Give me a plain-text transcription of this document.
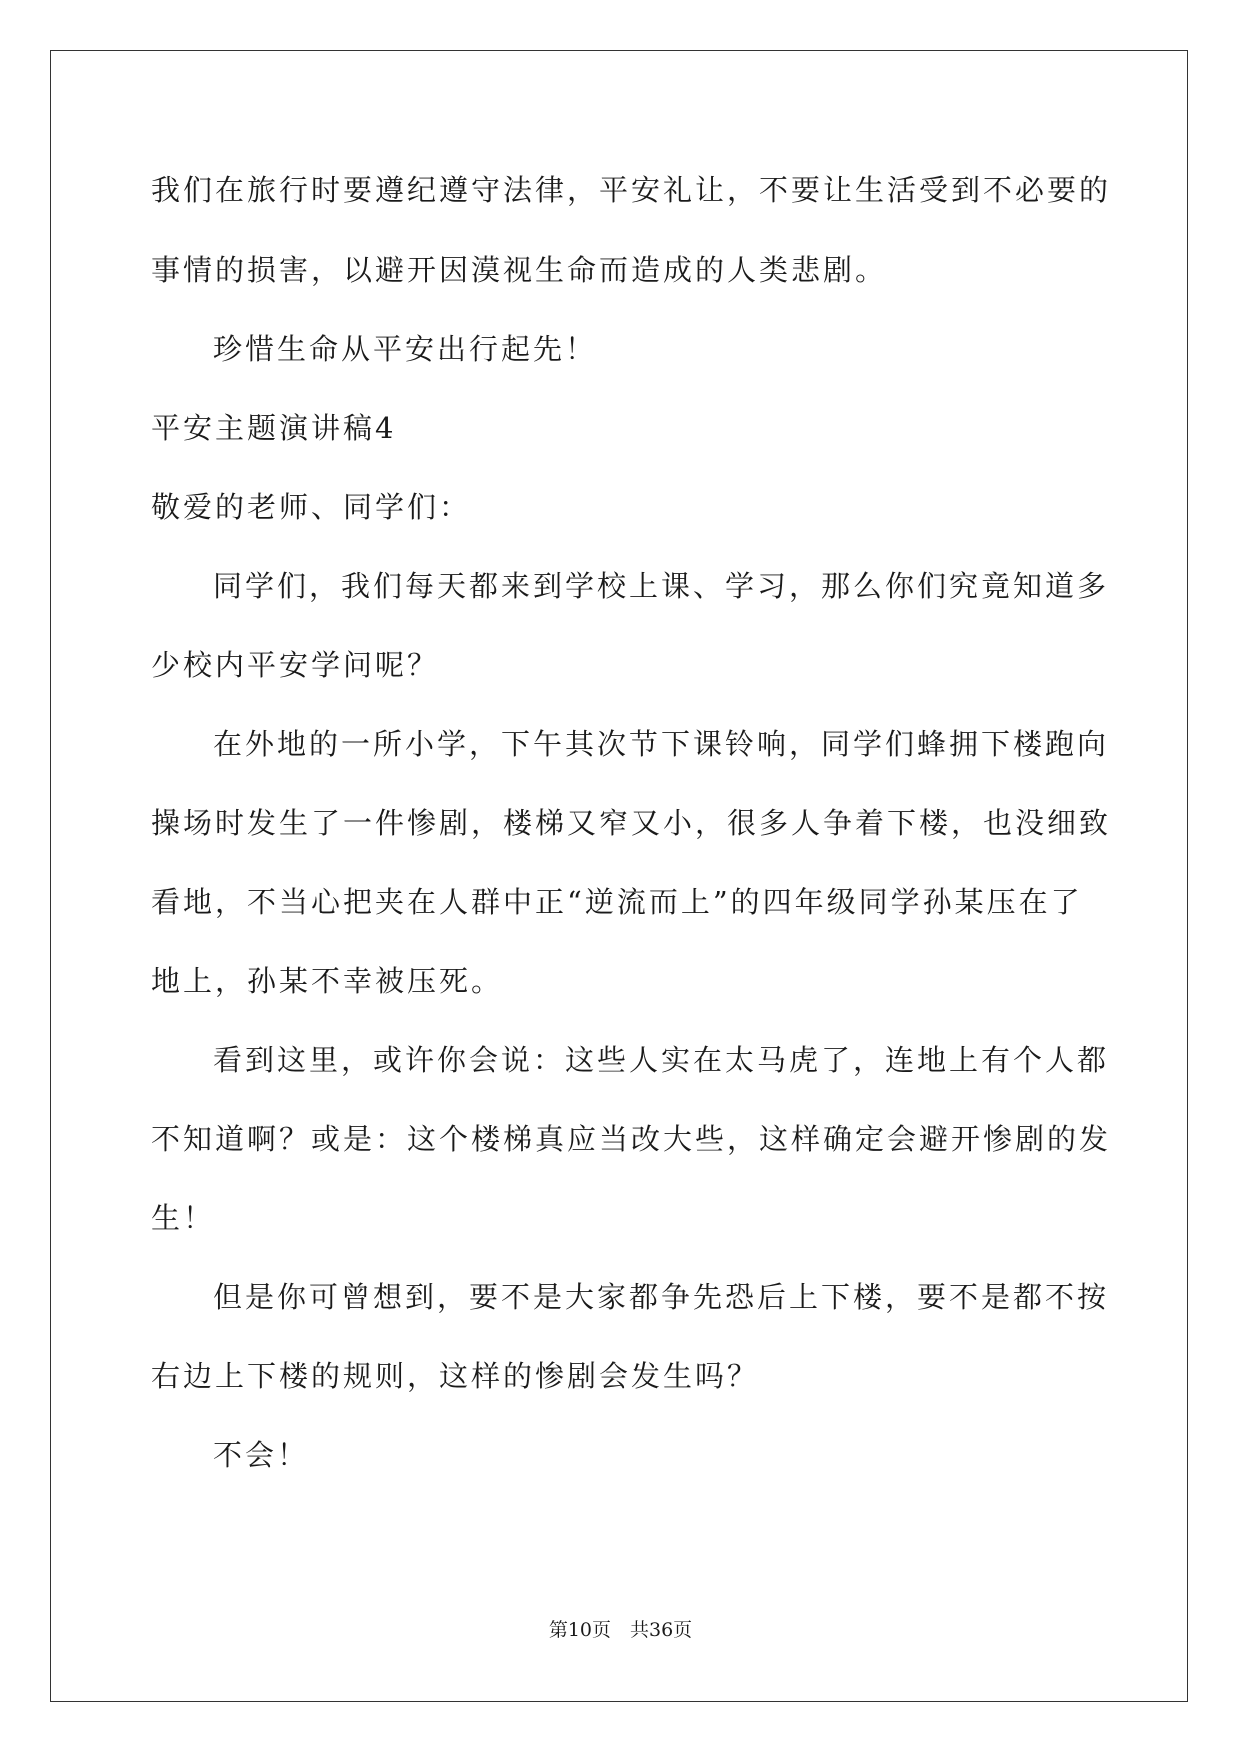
我们在旅行时要遵纪遵守法律，平安礼让，不要让生活受到不必要的
事情的损害，以避开因漠视生命而造成的人类悲剧。
珍惜生命从平安出行起先！
平安主题演讲稿4
敬爱的老师、同学们：
同学们，我们每天都来到学校上课、学习，那么你们究竟知道多
少校内平安学问呢？
在外地的一所小学，下午其次节下课铃响，同学们蜂拥下楼跑向
操场时发生了一件惨剧，楼梯又窄又小，很多人争着下楼，也没细致
看地，不当心把夹在人群中正“逆流而上”的四年级同学孙某压在了
地上，孙某不幸被压死。
看到这里，或许你会说：这些人实在太马虎了，连地上有个人都
不知道啊？或是：这个楼梯真应当改大些，这样确定会避开惨剧的发
生！
但是你可曾想到，要不是大家都争先恐后上下楼，要不是都不按
右边上下楼的规则，这样的惨剧会发生吗？
不会！
第10页　共36页
